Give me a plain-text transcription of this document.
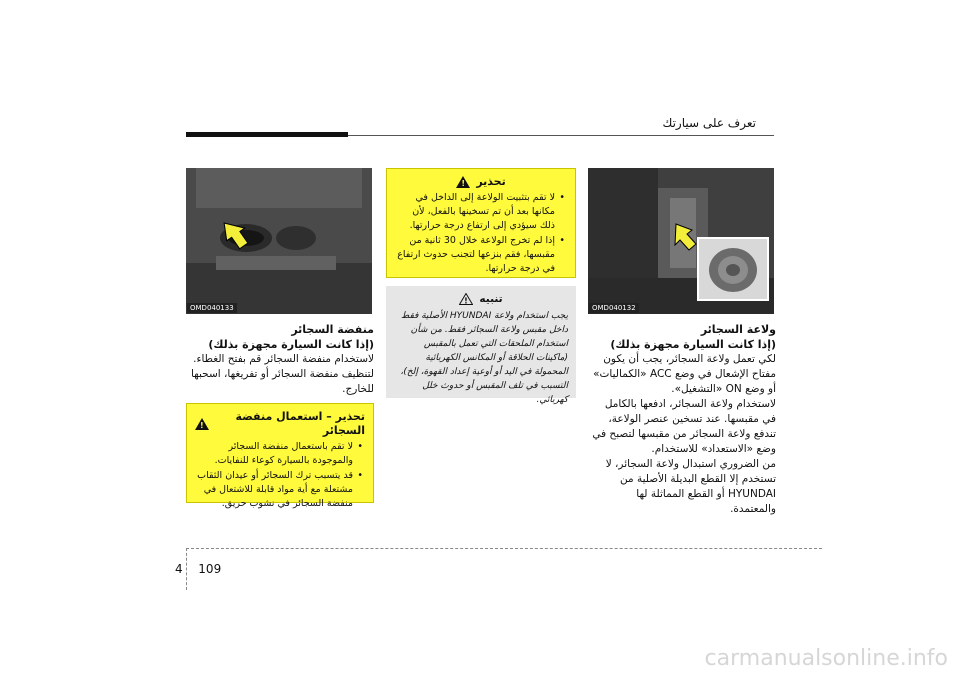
تعرف على سيارتك
OMD040133

منفضة السجائر

(إذا كانت السيارة مجهزة بذلك)

لاستخدام منفضة السجائر قم بفتح الغطاء.

لتنظيف منفضة السجائر أو تفريغها، اسحبها للخارج.

!
تحذير – استعمال منفضة السجائر
• لا تقم باستعمال منفضة السجائر والموجودة بالسيارة كوعاء للنفايات.
• قد يتسبب ترك السجائر أو عيدان الثقاب مشتعلة مع أية مواد قابلة للاشتعال في منفضة السجائر في نشوب حريق.
!
تحذير
• لا تقم بتثبيت الولاعة إلى الداخل في مكانها بعد أن تم تسخينها بالفعل، لأن ذلك سيؤدي إلى ارتفاع درجة حرارتها.
• إذا لم تخرج الولاعة خلال 30 ثانية من مقبسها، فقم بنزعها لتجنب حدوث ارتفاع في درجة حرارتها.
! تنبيه
يجب استخدام ولاعة HYUNDAI الأصلية فقط
داخل مقبس ولاعة السجائر فقط. من شأن
استخدام الملحقات التي تعمل بالمقبس
(ماكينات الحلاقة أو المكانس الكهربائية
المحمولة في اليد أو أوعية إعداد القهوة، إلخ)،
التسبب في تلف المقبس أو حدوث خلل كهربائي.
OMD040132

ولاعة السجائر

(إذا كانت السيارة مجهزة بذلك)

لكي تعمل ولاعة السجائر، يجب أن يكون مفتاح الإشعال في وضع ACC «الكماليات» أو وضع ON «التشغيل».

لاستخدام ولاعة السجائر، ادفعها بالكامل في مقبسها. عند تسخين عنصر الولاعة، تندفع ولاعة السجائر من مقبسها لتصبح في وضع «الاستعداد» للاستخدام.

من الضروري استبدال ولاعة السجائر، لا تستخدم إلا القطع البديلة الأصلية من HYUNDAI أو القطع المماثلة لها والمعتمدة.

4 109
carmanualsonline.info
